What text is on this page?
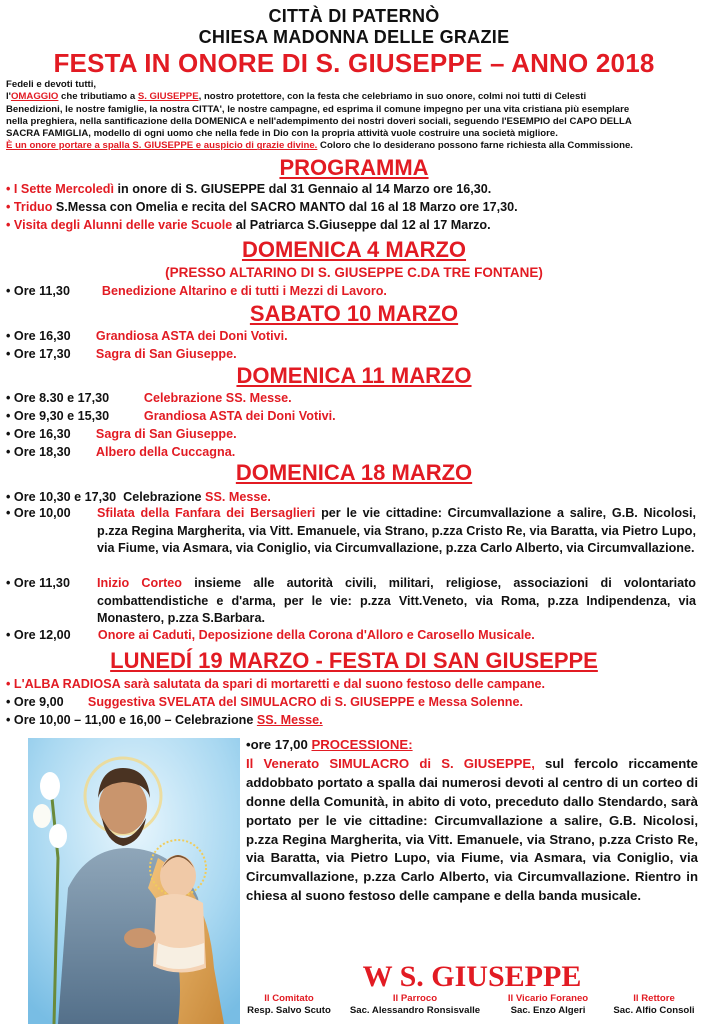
CITTÀ DI PATERNÒ
CHIESA MADONNA DELLE GRAZIE
FESTA IN ONORE DI S. GIUSEPPE – ANNO 2018
Fedeli e devoti tutti,
l'OMAGGIO che tributiamo a S. GIUSEPPE, nostro protettore, con la festa che celebriamo in suo onore, colmi noi tutti di Celesti
Benedizioni, le nostre famiglie, la nostra CITTA', le nostre campagne, ed esprima il comune impegno per una vita cristiana più esemplare
nella preghiera, nella santificazione della DOMENICA e nell'adempimento dei nostri doveri sociali, seguendo l'ESEMPIO del CAPO DELLA
SACRA FAMIGLIA, modello di ogni uomo che nella fede in Dio con la propria attività vuole costruire una società migliore.
È un onore portare a spalla S. GIUSEPPE e auspicio di grazie divine. Coloro che lo desiderano possono farne richiesta alla Commissione.
PROGRAMMA
• I Sette Mercoledì in onore di S. GIUSEPPE dal 31 Gennaio al 14 Marzo ore 16,30.
• Triduo S.Messa con Omelia e recita del SACRO MANTO dal 16 al 18 Marzo ore 17,30.
• Visita degli Alunni delle varie Scuole al Patriarca S.Giuseppe dal 12 al 17 Marzo.
DOMENICA 4 MARZO
(PRESSO ALTARINO DI S. GIUSEPPE C.DA TRE FONTANE)
• Ore 11,30	Benedizione Altarino e di tutti i Mezzi di Lavoro.
SABATO 10 MARZO
• Ore 16,30 Grandiosa ASTA dei Doni Votivi.
• Ore 17,30 Sagra di San Giuseppe.
DOMENICA 11 MARZO
• Ore 8.30 e 17,30	Celebrazione SS. Messe.
• Ore 9,30 e 15,30	Grandiosa ASTA dei Doni Votivi.
• Ore 16,30 Sagra di San Giuseppe.
• Ore 18,30 Albero della Cuccagna.
DOMENICA 18 MARZO
• Ore 10,30 e 17,30 Celebrazione SS. Messe.
• Ore 10,00	Sfilata della Fanfara dei Bersaglieri per le vie cittadine: Circumvallazione a salire, G.B. Nicolosi, p.zza Regina Margherita, via Vitt. Emanuele, via Strano, p.zza Cristo Re, via Baratta, via Pietro Lupo, via Fiume, via Asmara, via Coniglio, via Circumvallazione, p.zza Carlo Alberto, via Circumvallazione.
• Ore 11,30	Inizio Corteo insieme alle autorità civili, militari, religiose, associazioni di volontariato combattendistiche e d'arma, per le vie: p.zza Vitt.Veneto, via Roma, p.zza Indipendenza, via Monastero, p.zza S.Barbara.
• Ore 12,00 Onore ai Caduti, Deposizione della Corona d'Alloro e Carosello Musicale.
LUNEDÍ 19 MARZO - FESTA DI SAN GIUSEPPE
• L'ALBA RADIOSA sarà salutata da spari di mortaretti e dal suono festoso delle campane.
• Ore 9,00 Suggestiva SVELATA del SIMULACRO di S. GIUSEPPE e Messa Solenne.
• Ore 10,00 – 11,00 e 16,00 – Celebrazione SS. Messe.
•ore 17,00 PROCESSIONE:
Il Venerato SIMULACRO di S. GIUSEPPE, sul fercolo riccamente addobbato portato a spalla dai numerosi devoti al centro di un corteo di donne della Comunità, in abito di voto, preceduto dallo Stendardo, sarà portato per le vie cittadine: Circumvallazione a salire, G.B. Nicolosi, p.zza Regina Margherita, via Vitt. Emanuele, via Strano, p.zza Cristo Re, via Baratta, via Pietro Lupo, via Fiume, via Asmara, via Coniglio, via Circumvallazione, p.zza Carlo Alberto, via Circumvallazione. Rientro in chiesa al suono festoso delle campane e della banda musicale.
W S. GIUSEPPE
Il Comitato
Resp. Salvo Scuto
Il Parroco
Sac. Alessandro Ronsisvalle
Il Vicario Foraneo
Sac. Enzo Algeri
Il Rettore
Sac. Alfio Consoli
